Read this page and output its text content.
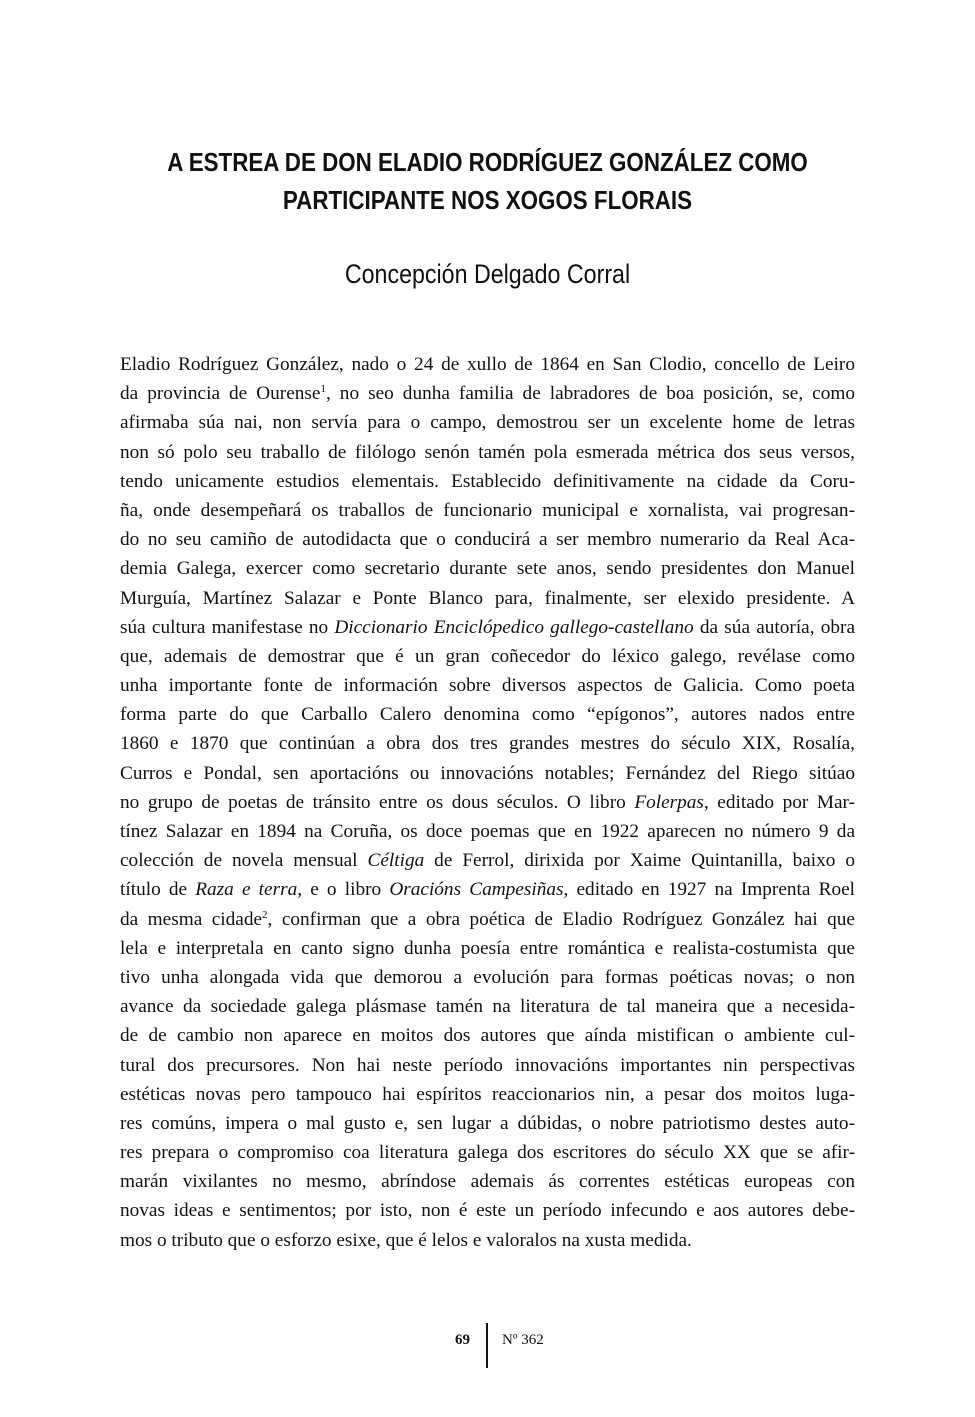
A ESTREA DE DON ELADIO RODRÍGUEZ GONZÁLEZ COMO
PARTICIPANTE NOS XOGOS FLORAIS
Concepción Delgado Corral
Eladio Rodríguez González, nado o 24 de xullo de 1864 en San Clodio, concello de Leiro
da provincia de Ourense$^1$, no seo dunha familia de labradores de boa posición, se, como
afirmaba súa nai, non servía para o campo, demostrou ser un excelente home de letras
non só polo seu traballo de filólogo senón tamén pola esmerada métrica dos seus versos,
tendo unicamente estudios elementais. Establecido definitivamente na cidade da Coru-
ña, onde desempeñará os traballos de funcionario municipal e xornalista, vai progresan-
do no seu camiño de autodidacta que o conducirá a ser membro numerario da Real Aca-
demia Galega, exercer como secretario durante sete anos, sendo presidentes don Manuel
Murguía, Martínez Salazar e Ponte Blanco para, finalmente, ser elexido presidente. A
súa cultura manifestase no Diccionario Enciclópedico gallego-castellano da súa autoría, obra
que, ademais de demostrar que é un gran coñecedor do léxico galego, revélase como
unha importante fonte de información sobre diversos aspectos de Galicia. Como poeta
forma parte do que Carballo Calero denomina como “epígonos”, autores nados entre
1860 e 1870 que continúan a obra dos tres grandes mestres do século XIX, Rosalía,
Curros e Pondal, sen aportacións ou innovacións notables; Fernández del Riego sitúao
no grupo de poetas de tránsito entre os dous séculos. O libro Folerpas, editado por Mar-
tínez Salazar en 1894 na Coruña, os doce poemas que en 1922 aparecen no número 9 da
colección de novela mensual Céltiga de Ferrol, dirixida por Xaime Quintanilla, baixo o
título de Raza e terra, e o libro Oracións Campesiñas, editado en 1927 na Imprenta Roel
da mesma cidade$^2$, confirman que a obra poética de Eladio Rodríguez González hai que
lela e interpretala en canto signo dunha poesía entre romántica e realista-costumista que
tivo unha alongada vida que demorou a evolución para formas poéticas novas; o non
avance da sociedade galega plásmase tamén na literatura de tal maneira que a necesida-
de de cambio non aparece en moitos dos autores que aínda mistifican o ambiente cul-
tural dos precursores. Non hai neste período innovacións importantes nin perspectivas
estéticas novas pero tampouco hai espíritos reaccionarios nin, a pesar dos moitos luga-
res comúns, impera o mal gusto e, sen lugar a dúbidas, o nobre patriotismo destes auto-
res prepara o compromiso coa literatura galega dos escritores do século XX que se afir-
marán vixilantes no mesmo, abríndose ademais ás correntes estéticas europeas con
novas ideas e sentimentos; por isto, non é este un período infecundo e aos autores debe-
mos o tributo que o esforzo esixe, que é lelos e valoralos na xusta medida.
69 Nº 362
